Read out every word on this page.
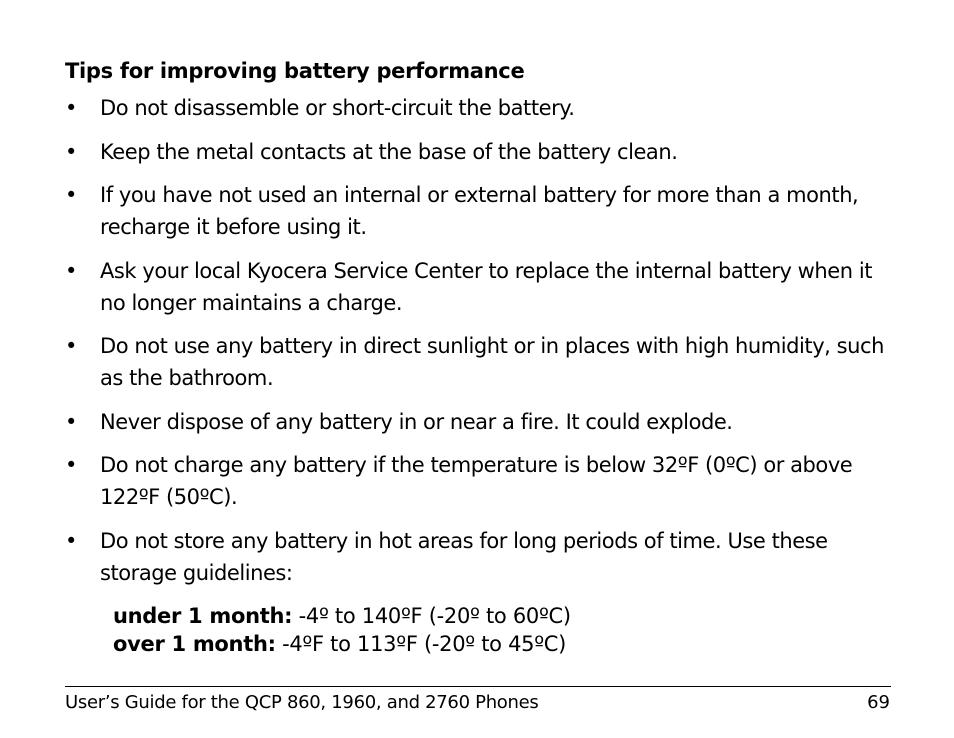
Tips for improving battery performance
• Do not disassemble or short-circuit the battery.
• Keep the metal contacts at the base of the battery clean.
• If you have not used an internal or external battery for more than a month, recharge it before using it.
• Ask your local Kyocera Service Center to replace the internal battery when it no longer maintains a charge.
• Do not use any battery in direct sunlight or in places with high humidity, such as the bathroom.
• Never dispose of any battery in or near a fire. It could explode.
• Do not charge any battery if the temperature is below 32ºF (0ºC) or above 122ºF (50ºC).
• Do not store any battery in hot areas for long periods of time. Use these storage guidelines:
under 1 month: -4º to 140ºF (-20º to 60ºC)
over 1 month: -4ºF to 113ºF (-20º to 45ºC)
User’s Guide for the QCP 860, 1960, and 2760 Phones	69
